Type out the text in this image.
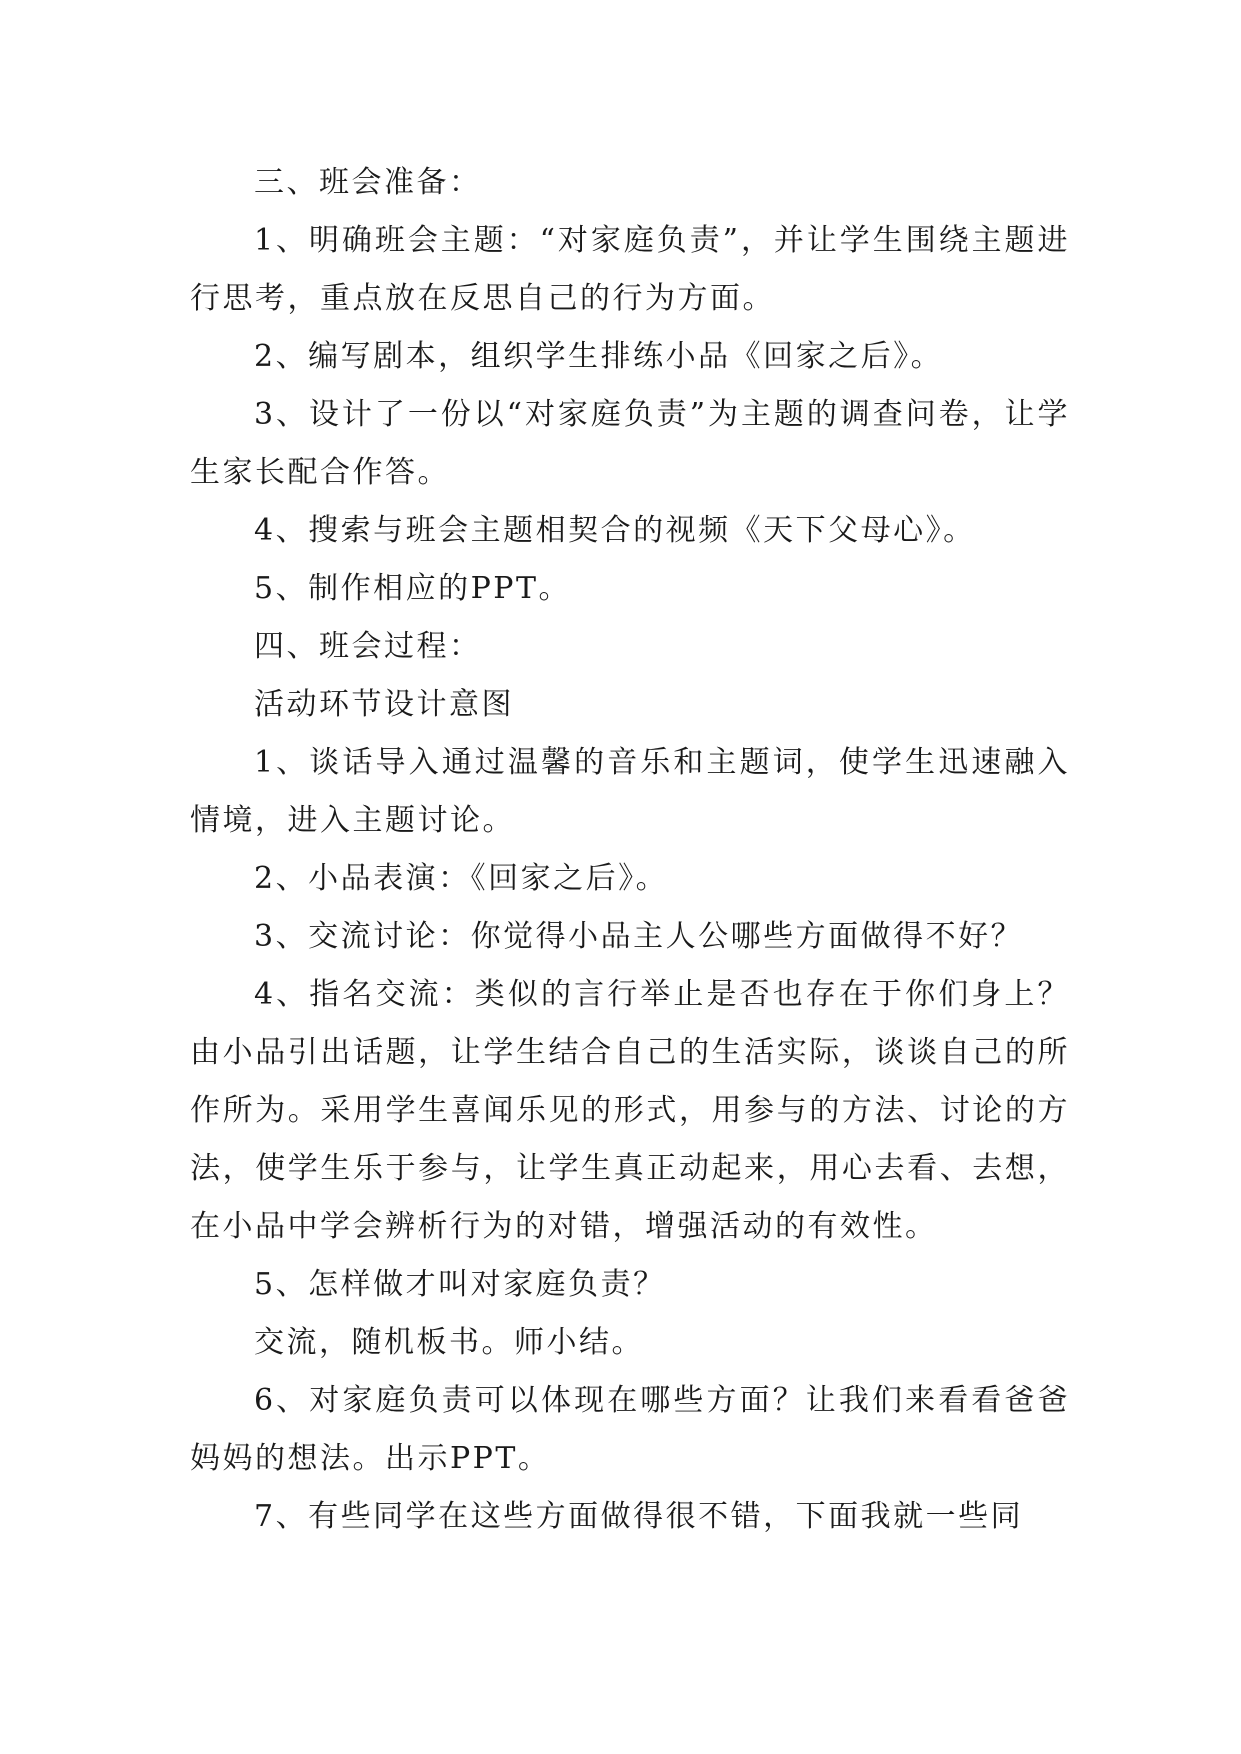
三、班会准备：

1、明确班会主题：“对家庭负责”，并让学生围绕主题进行思考，重点放在反思自己的行为方面。

2、编写剧本，组织学生排练小品《回家之后》。

3、设计了一份以“对家庭负责”为主题的调查问卷，让学生家长配合作答。

4、搜索与班会主题相契合的视频《天下父母心》。

5、制作相应的PPT。

四、班会过程：

活动环节设计意图

1、谈话导入通过温馨的音乐和主题词，使学生迅速融入情境，进入主题讨论。

2、小品表演：《回家之后》。

3、交流讨论：你觉得小品主人公哪些方面做得不好？

4、指名交流：类似的言行举止是否也存在于你们身上？由小品引出话题，让学生结合自己的生活实际，谈谈自己的所作所为。采用学生喜闻乐见的形式，用参与的方法、讨论的方法，使学生乐于参与，让学生真正动起来，用心去看、去想，在小品中学会辨析行为的对错，增强活动的有效性。

5、怎样做才叫对家庭负责？

交流，随机板书。师小结。

6、对家庭负责可以体现在哪些方面？让我们来看看爸爸妈妈的想法。出示PPT。

7、有些同学在这些方面做得很不错，下面我就一些同
